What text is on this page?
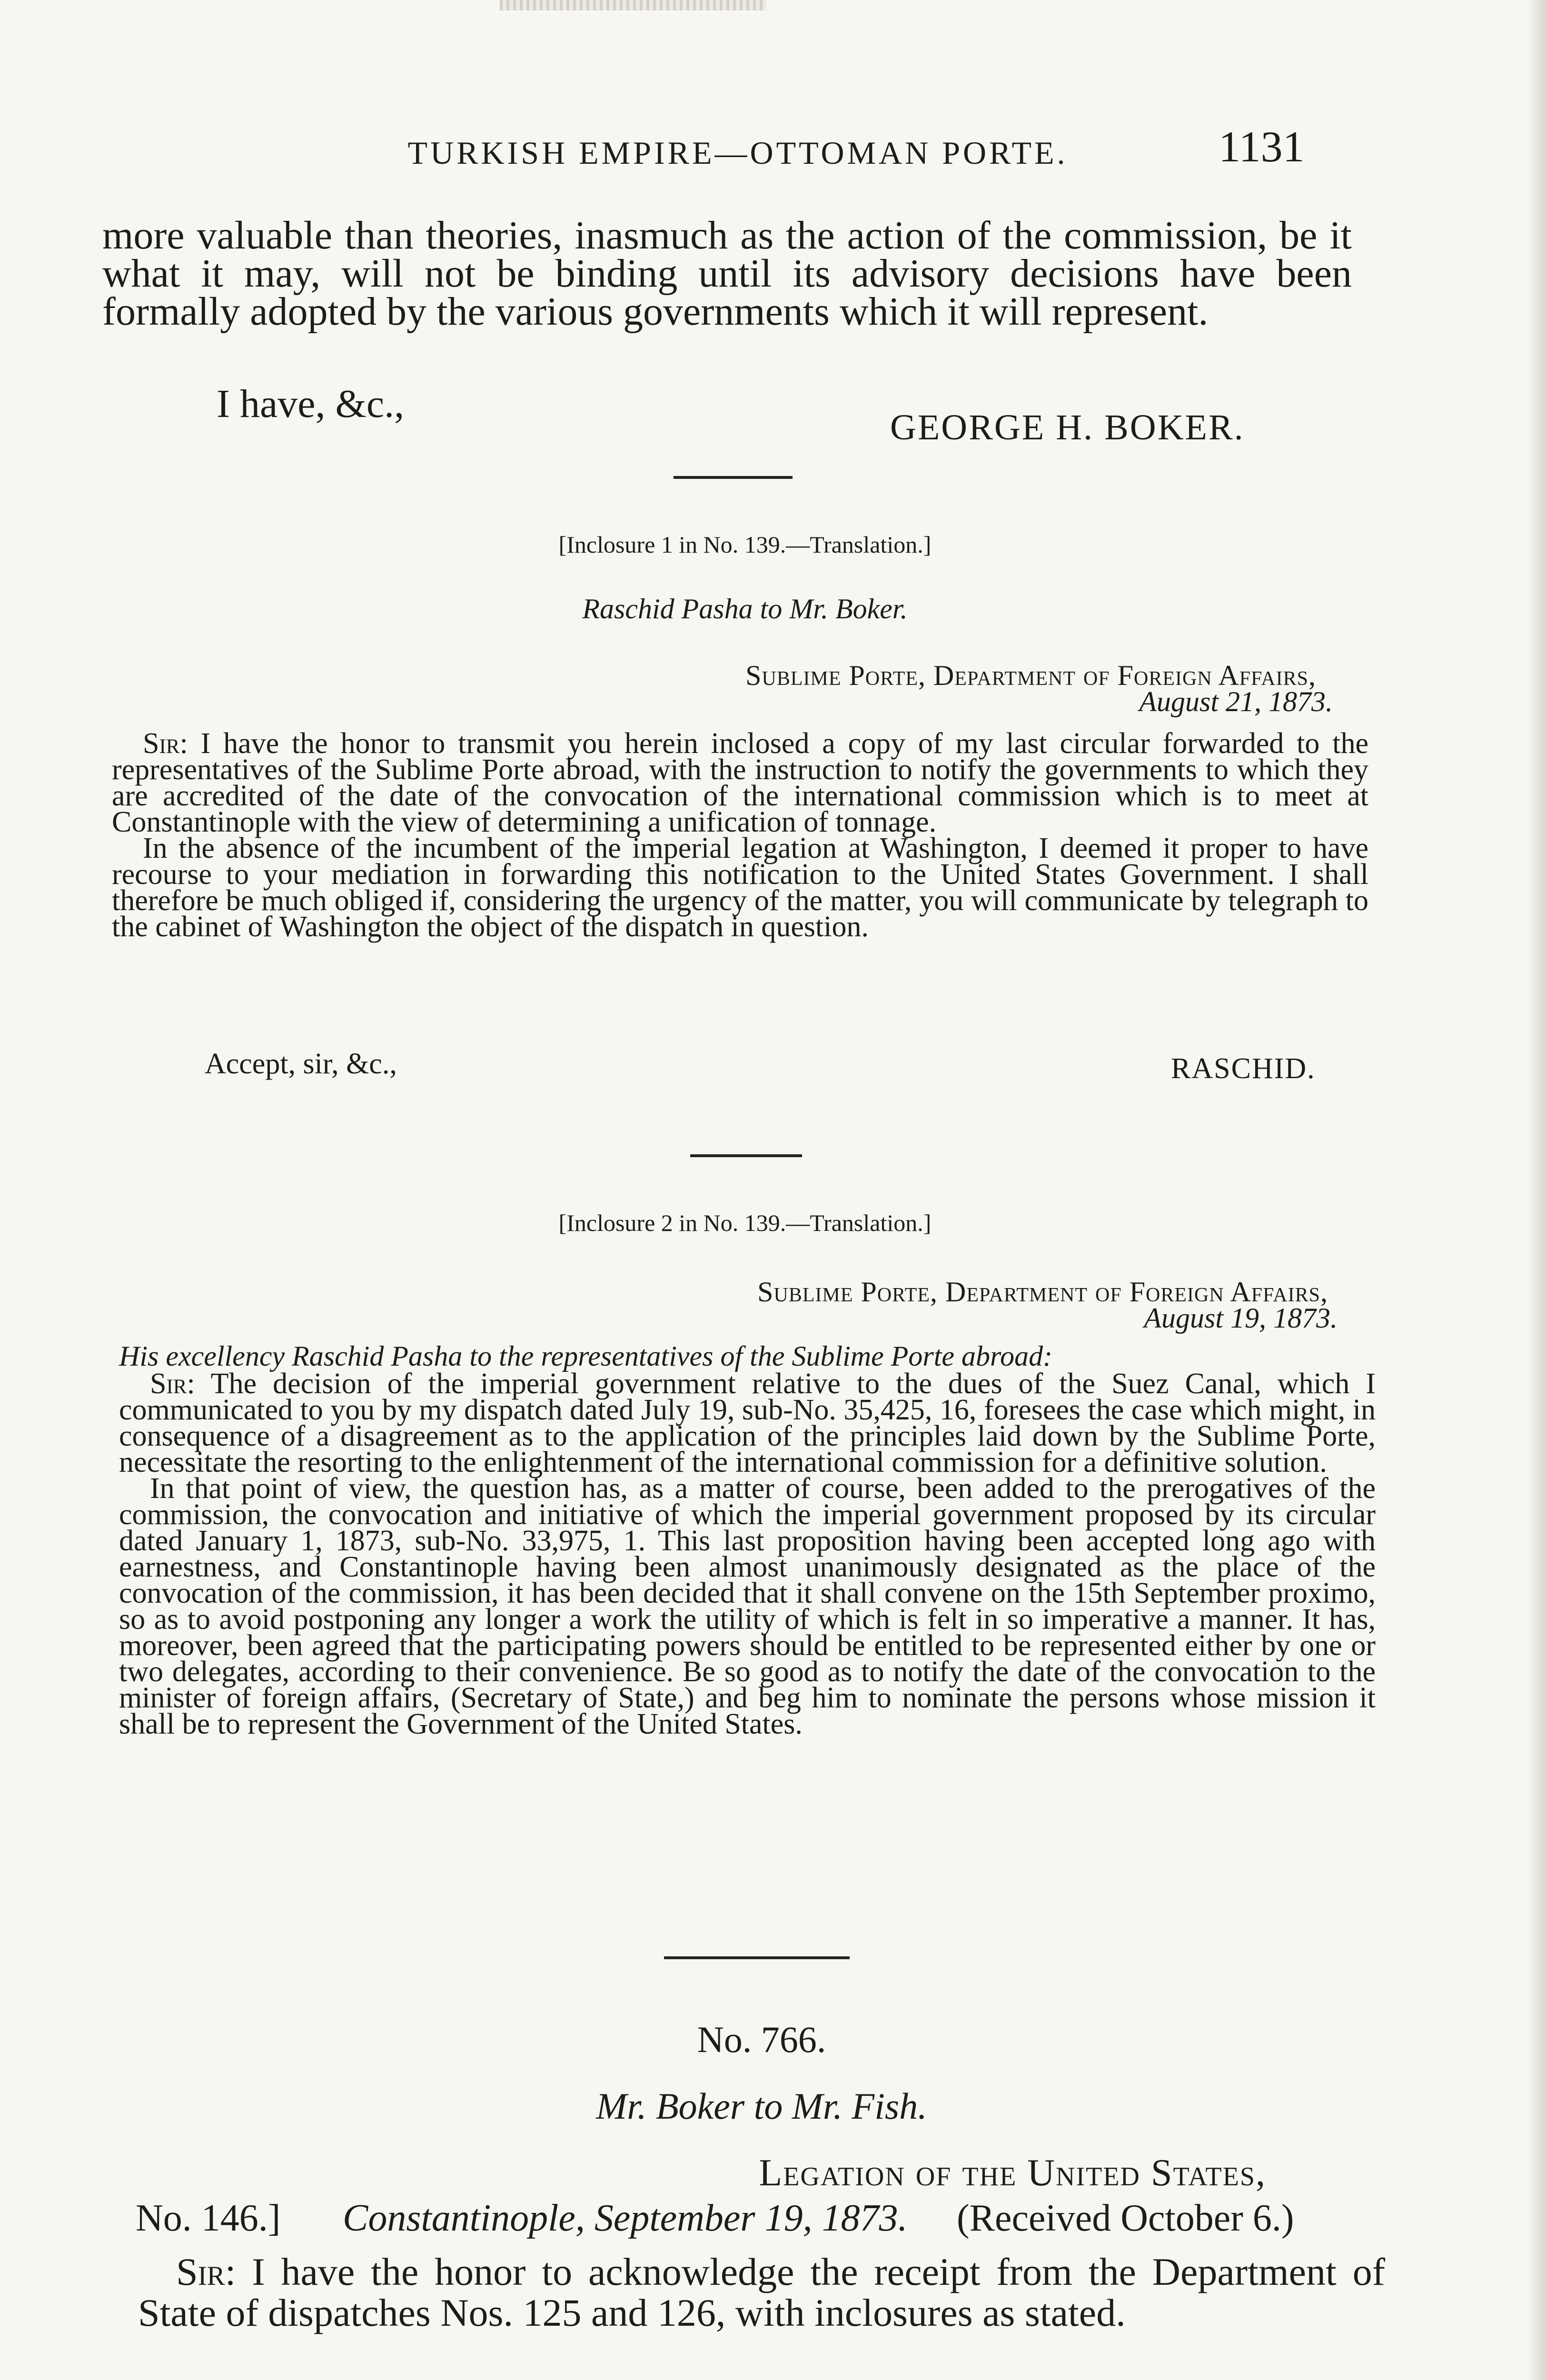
TURKISH EMPIRE—OTTOMAN PORTE.	1131

more valuable than theories, inasmuch as the action of the commission, be it what it may, will not be binding until its advisory decisions have been formally adopted by the various governments which it will represent.

I have, &c.,
GEORGE H. BOKER.
[Inclosure 1 in No. 139.—Translation.]
Raschid Pasha to Mr. Boker.
Sublime Porte, Department of Foreign Affairs,
August 21, 1873.

Sir: I have the honor to transmit you herein inclosed a copy of my last circular forwarded to the representatives of the Sublime Porte abroad, with the instruction to notify the governments to which they are accredited of the date of the convocation of the international commission which is to meet at Constantinople with the view of determining a unification of tonnage.

In the absence of the incumbent of the imperial legation at Washington, I deemed it proper to have recourse to your mediation in forwarding this notification to the United States Government. I shall therefore be much obliged if, considering the urgency of the matter, you will communicate by telegraph to the cabinet of Washington the object of the dispatch in question.

Accept, sir, &c.,	RASCHID.
[Inclosure 2 in No. 139.—Translation.]
Sublime Porte, Department of Foreign Affairs,
August 19, 1873.
His excellency Raschid Pasha to the representatives of the Sublime Porte abroad:

Sir: The decision of the imperial government relative to the dues of the Suez Canal, which I communicated to you by my dispatch dated July 19, sub-No. 35,425, 16, foresees the case which might, in consequence of a disagreement as to the application of the principles laid down by the Sublime Porte, necessitate the resorting to the enlightenment of the international commission for a definitive solution.

In that point of view, the question has, as a matter of course, been added to the prerogatives of the commission, the convocation and initiative of which the imperial government proposed by its circular dated January 1, 1873, sub-No. 33,975, 1. This last proposition having been accepted long ago with earnestness, and Constantinople having been almost unanimously designated as the place of the convocation of the commission, it has been decided that it shall convene on the 15th September proximo, so as to avoid postponing any longer a work the utility of which is felt in so imperative a manner. It has, moreover, been agreed that the participating powers should be entitled to be represented either by one or two delegates, according to their convenience. Be so good as to notify the date of the convocation to the minister of foreign affairs, (Secretary of State,) and beg him to nominate the persons whose mission it shall be to represent the Government of the United States.

No. 766.
Mr. Boker to Mr. Fish.
Legation of the United States,
No. 146.] Constantinople, September 19, 1873. (Received October 6.)

Sir: I have the honor to acknowledge the receipt from the Department of State of dispatches Nos. 125 and 126, with inclosures as stated.
